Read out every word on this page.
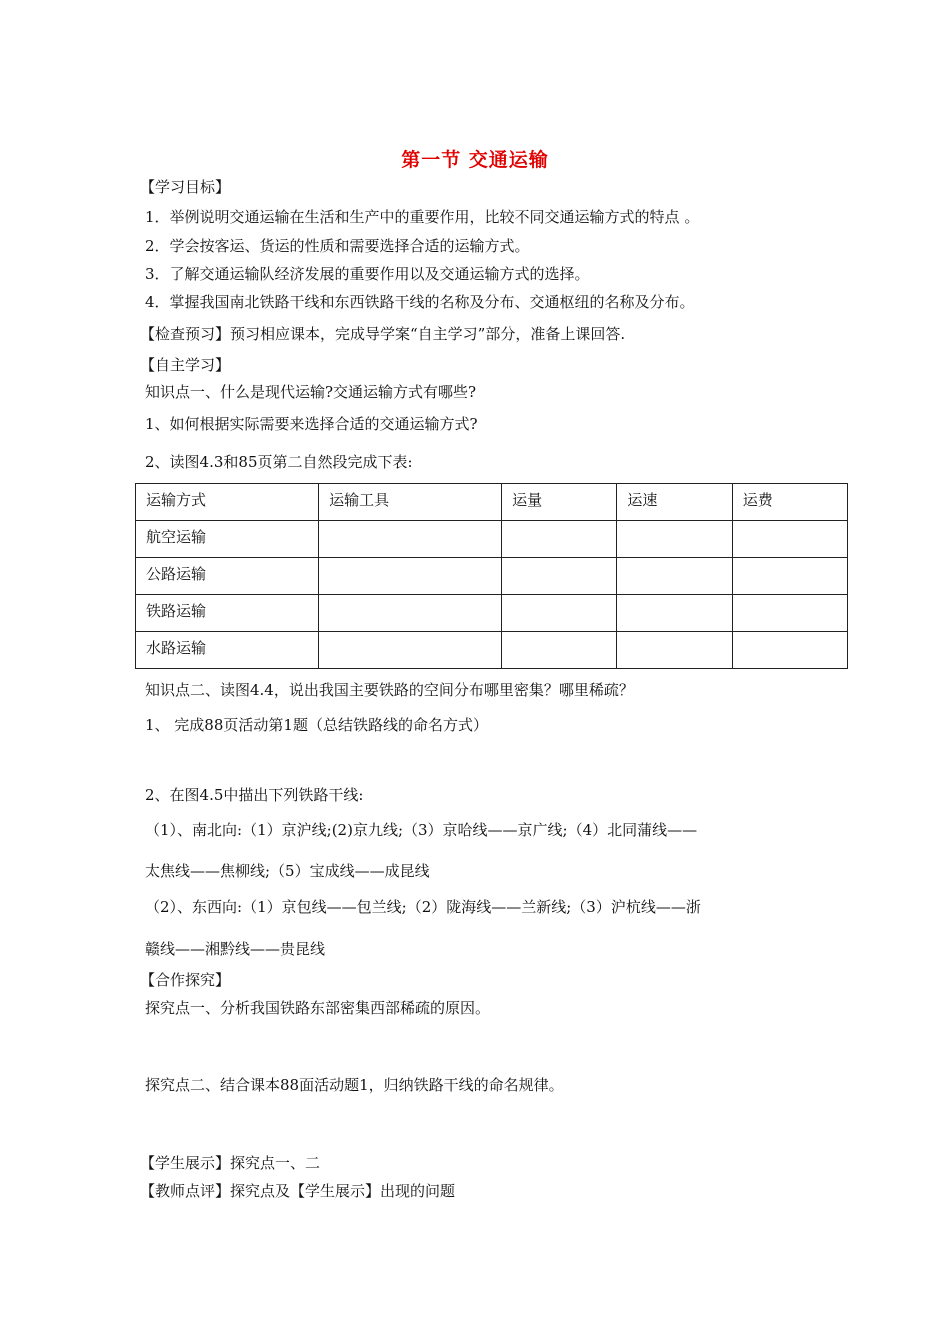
第一节 交通运输
【学习目标】
1．举例说明交通运输在生活和生产中的重要作用，比较不同交通运输方式的特点 。
2．学会按客运、货运的性质和需要选择合适的运输方式。
3．了解交通运输队经济发展的重要作用以及交通运输方式的选择。
4．掌握我国南北铁路干线和东西铁路干线的名称及分布、交通枢纽的名称及分布。
【检查预习】预习相应课本，完成导学案“自主学习”部分，准备上课回答.
【自主学习】
知识点一、什么是现代运输?交通运输方式有哪些?
1、如何根据实际需要来选择合适的交通运输方式?
2、读图4.3和85页第二自然段完成下表:
运输方式	运输工具	运量	运速	运费
航空运输				
公路运输				
铁路运输				
水路运输				
知识点二、读图4.4，说出我国主要铁路的空间分布哪里密集？哪里稀疏？
1、 完成88页活动第1题（总结铁路线的命名方式）
2、在图4.5中描出下列铁路干线:
（1）、南北向:（1）京沪线;(2)京九线;（3）京哈线——京广线;（4）北同蒲线——
太焦线——焦柳线;（5）宝成线——成昆线
（2）、东西向:（1）京包线——包兰线;（2）陇海线——兰新线;（3）沪杭线——浙
赣线——湘黔线——贵昆线
【合作探究】
探究点一、分析我国铁路东部密集西部稀疏的原因。
探究点二、结合课本88面活动题1，归纳铁路干线的命名规律。
【学生展示】探究点一、二
【教师点评】探究点及【学生展示】出现的问题
